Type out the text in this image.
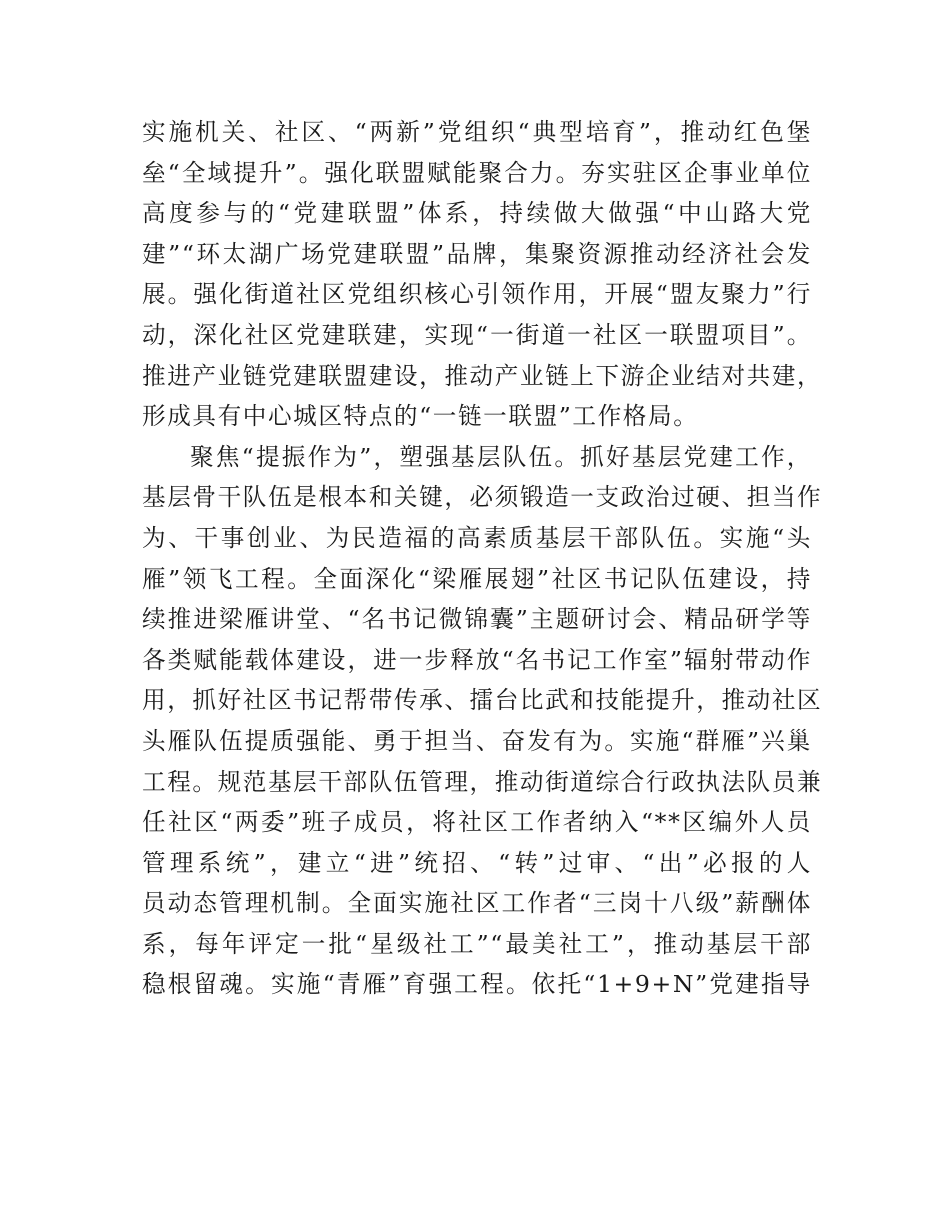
实施机关、社区、“两新”党组织“典型培育”，推动红色堡
垒“全域提升”。强化联盟赋能聚合力。夯实驻区企事业单位
高度参与的“党建联盟”体系，持续做大做强“中山路大党
建”“环太湖广场党建联盟”品牌，集聚资源推动经济社会发
展。强化街道社区党组织核心引领作用，开展“盟友聚力”行
动，深化社区党建联建，实现“一街道一社区一联盟项目”。
推进产业链党建联盟建设，推动产业链上下游企业结对共建，
形成具有中心城区特点的“一链一联盟”工作格局。
聚焦“提振作为”，塑强基层队伍。抓好基层党建工作，
基层骨干队伍是根本和关键，必须锻造一支政治过硬、担当作
为、干事创业、为民造福的高素质基层干部队伍。实施“头
雁”领飞工程。全面深化“梁雁展翅”社区书记队伍建设，持
续推进梁雁讲堂、“名书记微锦囊”主题研讨会、精品研学等
各类赋能载体建设，进一步释放“名书记工作室”辐射带动作
用，抓好社区书记帮带传承、擂台比武和技能提升，推动社区
头雁队伍提质强能、勇于担当、奋发有为。实施“群雁”兴巢
工程。规范基层干部队伍管理，推动街道综合行政执法队员兼
任社区“两委”班子成员，将社区工作者纳入“**区编外人员
管理系统”，建立“进”统招、“转”过审、“出”必报的人
员动态管理机制。全面实施社区工作者“三岗十八级”薪酬体
系，每年评定一批“星级社工”“最美社工”，推动基层干部
稳根留魂。实施“青雁”育强工程。依托“1+9+N”党建指导
